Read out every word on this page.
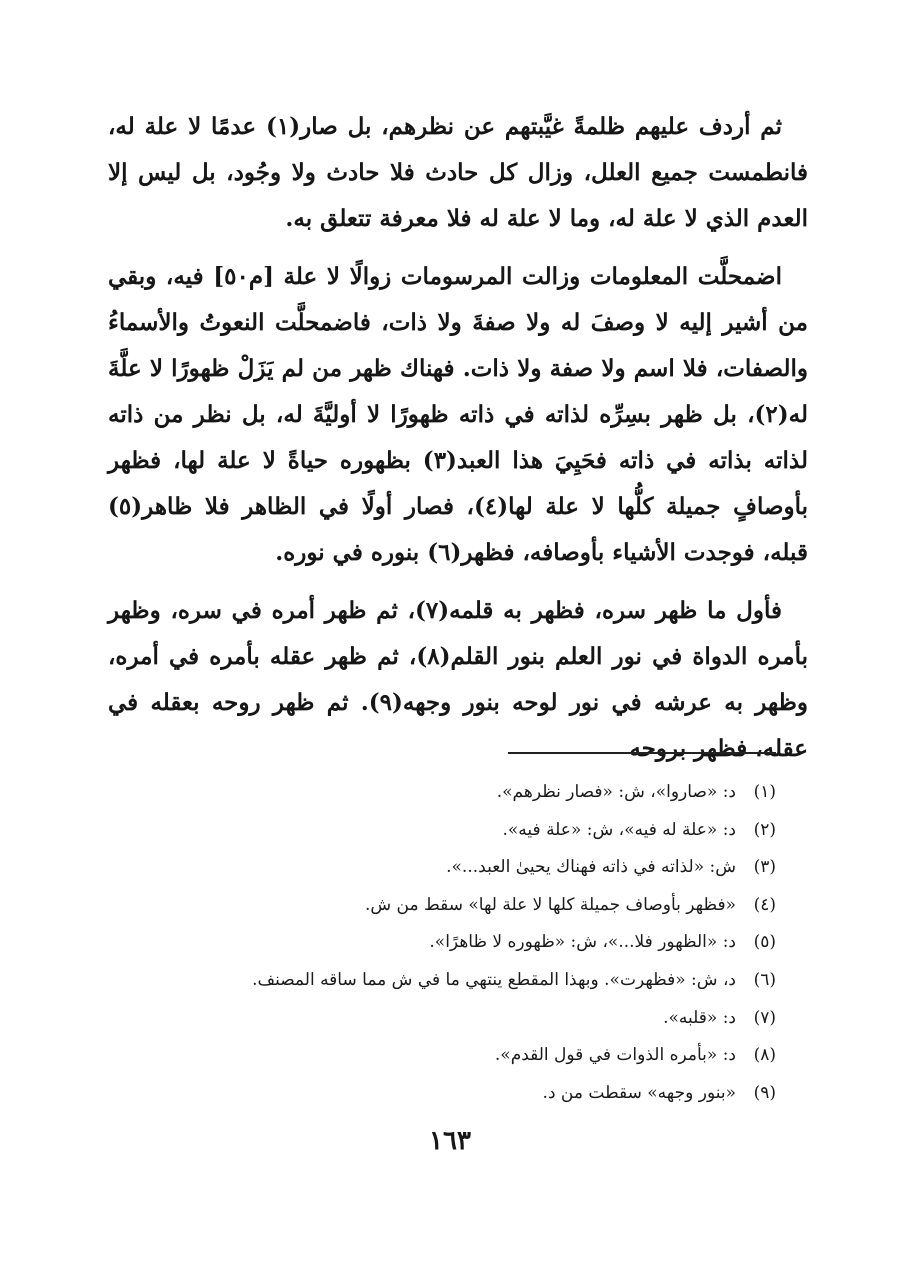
ثم أردف عليهم ظلمةً غيَّبتهم عن نظرهم، بل صار(١) عدمًا لا علة له، فانطمست جميع العلل، وزال كل حادث فلا حادث ولا وجُود، بل ليس إلا العدم الذي لا علة له، وما لا علة له فلا معرفة تتعلق به.

اضمحلَّت المعلومات وزالت المرسومات زوالًا لا علة [م٥٠] فيه، وبقي من أشير إليه لا وصفَ له ولا صفةَ ولا ذات، فاضمحلَّت النعوتُ والأسماءُ والصفات، فلا اسم ولا صفة ولا ذات. فهناك ظهر من لم يَزَلْ ظهورًا لا علَّةَ له(٢)، بل ظهر بسِرِّه لذاته في ذاته ظهورًا لا أوليَّةَ له، بل نظر من ذاته لذاته بذاته في ذاته فحَيِيَ هذا العبد(٣) بظهوره حياةً لا علة لها، فظهر بأوصافٍ جميلة كلُّها لا علة لها(٤)، فصار أولًا في الظاهر فلا ظاهر(٥) قبله، فوجدت الأشياء بأوصافه، فظهر(٦) بنوره في نوره.

فأول ما ظهر سره، فظهر به قلمه(٧)، ثم ظهر أمره في سره، وظهر بأمره الدواة في نور العلم بنور القلم(٨)، ثم ظهر عقله بأمره في أمره، وظهر به عرشه في نور لوحه بنور وجهه(٩). ثم ظهر روحه بعقله في عقله، فظهر بروحه

(١)د: «صاروا»، ش: «فصار نظرهم».
(٢)د: «علة له فيه»، ش: «علة فيه».
(٣)ش: «لذاته في ذاته فهناك يحيىٰ العبد...».
(٤)«فظهر بأوصاف جميلة كلها لا علة لها» سقط من ش.
(٥)د: «الظهور فلا...»، ش: «ظهوره لا ظاهرًا».
(٦)د، ش: «فظهرت». وبهذا المقطع ينتهي ما في ش مما ساقه المصنف.
(٧)د: «قلبه».
(٨)د: «بأمره الذوات في قول القدم».
(٩)«بنور وجهه» سقطت من د.
١٦٣
